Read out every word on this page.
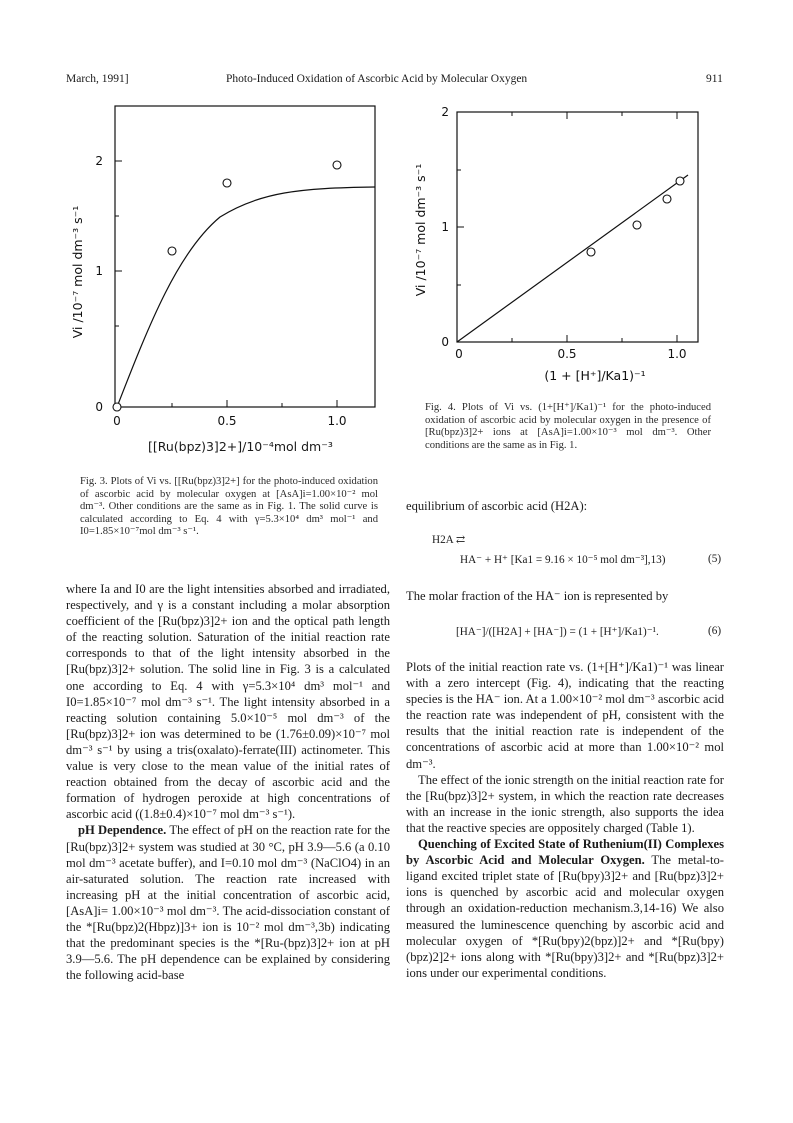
March, 1991]	Photo-Induced Oxidation of Ascorbic Acid by Molecular Oxygen	911
0
1
2
0	0.5	1.0
Vi /10⁻⁷ mol dm⁻³ s⁻¹
[[Ru(bpz)3]2+]/10⁻⁴mol dm⁻³
Fig. 3. Plots of Vi vs. [[Ru(bpz)3]2+] for the photo-induced oxidation of ascorbic acid by molecular oxygen at [AsA]i=1.00×10⁻² mol dm⁻³. Other conditions are the same as in Fig. 1. The solid curve is calculated according to Eq. 4 with γ=5.3×10⁴ dm³ mol⁻¹ and I0=1.85×10⁻⁷mol dm⁻³ s⁻¹.
2
1
0
0	0.5	1.0
(1 + [H⁺]/Ka1)⁻¹
Vi /10⁻⁷ mol dm⁻³ s⁻¹
Fig. 4. Plots of Vi vs. (1+[H⁺]/Ka1)⁻¹ for the photo-induced oxidation of ascorbic acid by molecular oxygen in the presence of [Ru(bpz)3]2+ ions at [AsA]i=1.00×10⁻³ mol dm⁻³. Other conditions are the same as in Fig. 1.

where Ia and I0 are the light intensities absorbed and irradiated, respectively, and γ is a constant including a molar absorption coefficient of the [Ru(bpz)3]2+ ion and the optical path length of the reacting solution. Saturation of the initial reaction rate corresponds to that of the light intensity absorbed in the [Ru(bpz)3]2+ solution. The solid line in Fig. 3 is a calculated one according to Eq. 4 with γ=5.3×10⁴ dm³ mol⁻¹ and I0=1.85×10⁻⁷ mol dm⁻³ s⁻¹. The light intensity absorbed in a reacting solution containing 5.0×10⁻⁵ mol dm⁻³ of the [Ru(bpz)3]2+ ion was determined to be (1.76±0.09)×10⁻⁷ mol dm⁻³ s⁻¹ by using a tris(oxalato)-ferrate(III) actinometer. This value is very close to the mean value of the initial rates of reaction obtained from the decay of ascorbic acid and the formation of hydrogen peroxide at high concentrations of ascorbic acid ((1.8±0.4)×10⁻⁷ mol dm⁻³ s⁻¹).

pH Dependence. The effect of pH on the reaction rate for the [Ru(bpz)3]2+ system was studied at 30 °C, pH 3.9—5.6 (a 0.10 mol dm⁻³ acetate buffer), and I=0.10 mol dm⁻³ (NaClO4) in an air-saturated solution. The reaction rate increased with increasing pH at the initial concentration of ascorbic acid, [AsA]i= 1.00×10⁻³ mol dm⁻³. The acid-dissociation constant of the *[Ru(bpz)2(Hbpz)]3+ ion is 10⁻² mol dm⁻³,3b) indicating that the predominant species is the *[Ru-(bpz)3]2+ ion at pH 3.9—5.6. The pH dependence can be explained by considering the following acid-base

equilibrium of ascorbic acid (H2A):

H2A ⇄
HA⁻ + H⁺ [Ka1 = 9.16 × 10⁻⁵ mol dm⁻³],13)	(5)
The molar fraction of the HA⁻ ion is represented by
[HA⁻]/([H2A] + [HA⁻]) = (1 + [H⁺]/Ka1)⁻¹.	(6)

Plots of the initial reaction rate vs. (1+[H⁺]/Ka1)⁻¹ was linear with a zero intercept (Fig. 4), indicating that the reacting species is the HA⁻ ion. At a 1.00×10⁻² mol dm⁻³ ascorbic acid the reaction rate was independent of pH, consistent with the results that the initial reaction rate is independent of the concentrations of ascorbic acid at more than 1.00×10⁻² mol dm⁻³.

The effect of the ionic strength on the initial reaction rate for the [Ru(bpz)3]2+ system, in which the reaction rate decreases with an increase in the ionic strength, also supports the idea that the reactive species are oppositely charged (Table 1).

Quenching of Excited State of Ruthenium(II) Complexes by Ascorbic Acid and Molecular Oxygen. The metal-to-ligand excited triplet state of [Ru(bpy)3]2+ and [Ru(bpz)3]2+ ions is quenched by ascorbic acid and molecular oxygen through an oxidation-reduction mechanism.3,14-16) We also measured the luminescence quenching by ascorbic acid and molecular oxygen of *[Ru(bpy)2(bpz)]2+ and *[Ru(bpy)(bpz)2]2+ ions along with *[Ru(bpy)3]2+ and *[Ru(bpz)3]2+ ions under our experimental conditions.
